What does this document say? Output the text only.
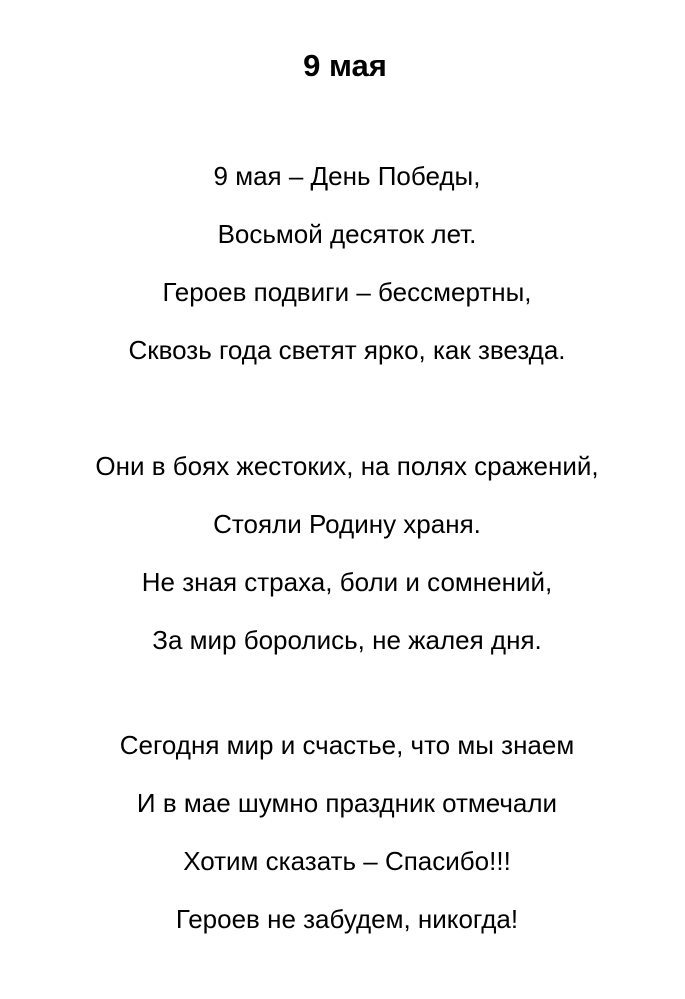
9 мая
9 мая – День Победы,
Восьмой десяток лет.
Героев подвиги – бессмертны,
Сквозь года светят ярко, как звезда.
Они в боях жестоких, на полях сражений,
Стояли Родину храня.
Не зная страха, боли и сомнений,
За мир боролись, не жалея дня.
Сегодня мир и счастье, что мы знаем
И в мае шумно праздник отмечали
Хотим сказать – Спасибо!!!
Героев не забудем, никогда!
